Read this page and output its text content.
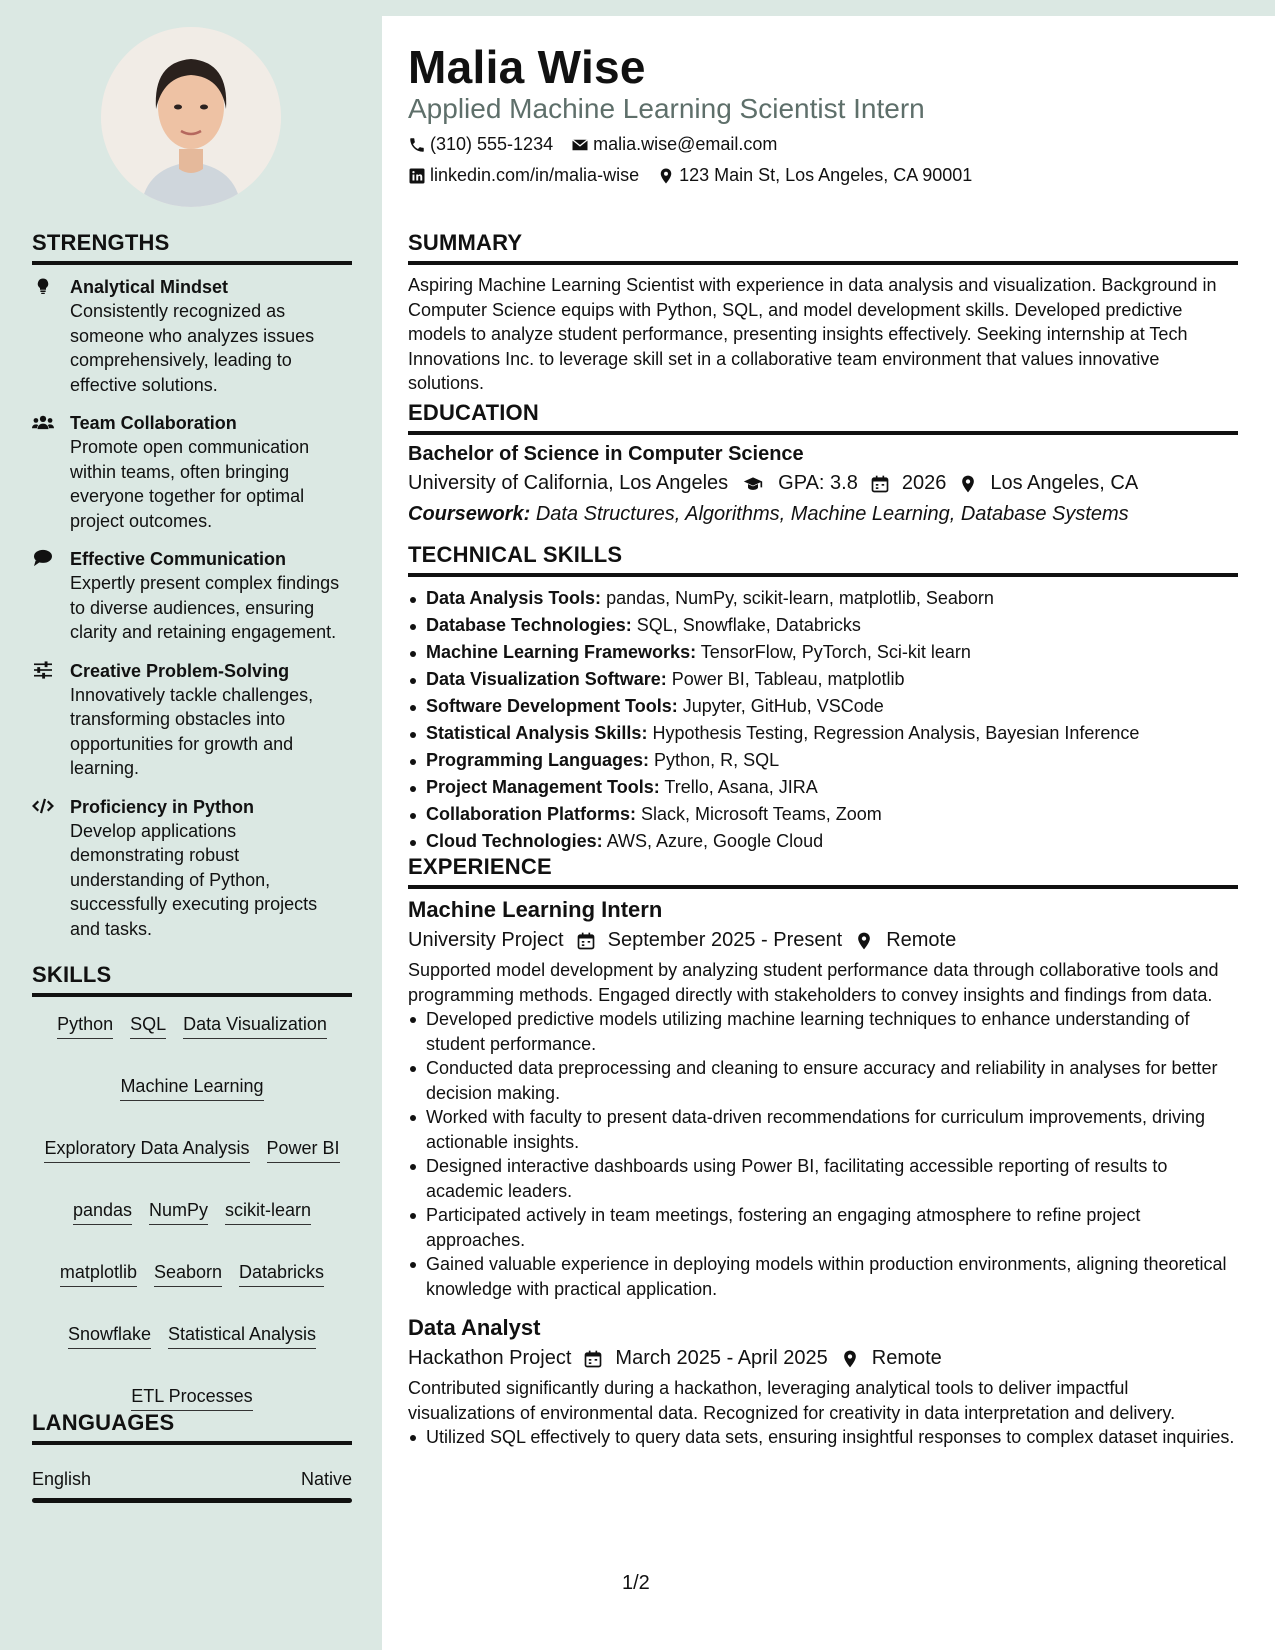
STRENGTHS
Analytical Mindset
Consistently recognized as someone who analyzes issues comprehensively, leading to effective solutions.
Team Collaboration
Promote open communication within teams, often bringing everyone together for optimal project outcomes.
Effective Communication
Expertly present complex findings to diverse audiences, ensuring clarity and retaining engagement.
Creative Problem-Solving
Innovatively tackle challenges, transforming obstacles into opportunities for growth and learning.
Proficiency in Python
Develop applications demonstrating robust understanding of Python, successfully executing projects and tasks.
SKILLS
Python SQL Data Visualization
Machine Learning
Exploratory Data Analysis Power BI
pandas NumPy scikit-learn
matplotlib Seaborn Databricks
Snowflake Statistical Analysis
ETL Processes
LANGUAGES
English	Native
Malia Wise
Applied Machine Learning Scientist Intern
(310) 555-1234 malia.wise@email.com
linkedin.com/in/malia-wise 123 Main St, Los Angeles, CA 90001
SUMMARY
Aspiring Machine Learning Scientist with experience in data analysis and visualization. Background in Computer Science equips with Python, SQL, and model development skills. Developed predictive models to analyze student performance, presenting insights effectively. Seeking internship at Tech Innovations Inc. to leverage skill set in a collaborative team environment that values innovative solutions.
EDUCATION
Bachelor of Science in Computer Science
University of California, Los Angeles	GPA: 3.8 2026 Los Angeles, CA
Coursework: Data Structures, Algorithms, Machine Learning, Database Systems
TECHNICAL SKILLS
Data Analysis Tools: pandas, NumPy, scikit-learn, matplotlib, Seaborn
Database Technologies: SQL, Snowflake, Databricks
Machine Learning Frameworks: TensorFlow, PyTorch, Sci-kit learn
Data Visualization Software: Power BI, Tableau, matplotlib
Software Development Tools: Jupyter, GitHub, VSCode
Statistical Analysis Skills: Hypothesis Testing, Regression Analysis, Bayesian Inference
Programming Languages: Python, R, SQL
Project Management Tools: Trello, Asana, JIRA
Collaboration Platforms: Slack, Microsoft Teams, Zoom
Cloud Technologies: AWS, Azure, Google Cloud
EXPERIENCE
Machine Learning Intern
University Project September 2025 - Present Remote
Supported model development by analyzing student performance data through collaborative tools and programming methods. Engaged directly with stakeholders to convey insights and findings from data.
Developed predictive models utilizing machine learning techniques to enhance understanding of student performance.
Conducted data preprocessing and cleaning to ensure accuracy and reliability in analyses for better decision making.
Worked with faculty to present data-driven recommendations for curriculum improvements, driving actionable insights.
Designed interactive dashboards using Power BI, facilitating accessible reporting of results to academic leaders.
Participated actively in team meetings, fostering an engaging atmosphere to refine project approaches.
Gained valuable experience in deploying models within production environments, aligning theoretical knowledge with practical application.
Data Analyst
Hackathon Project March 2025 - April 2025 Remote
Contributed significantly during a hackathon, leveraging analytical tools to deliver impactful visualizations of environmental data. Recognized for creativity in data interpretation and delivery.
Utilized SQL effectively to query data sets, ensuring insightful responses to complex dataset inquiries.
1/2
